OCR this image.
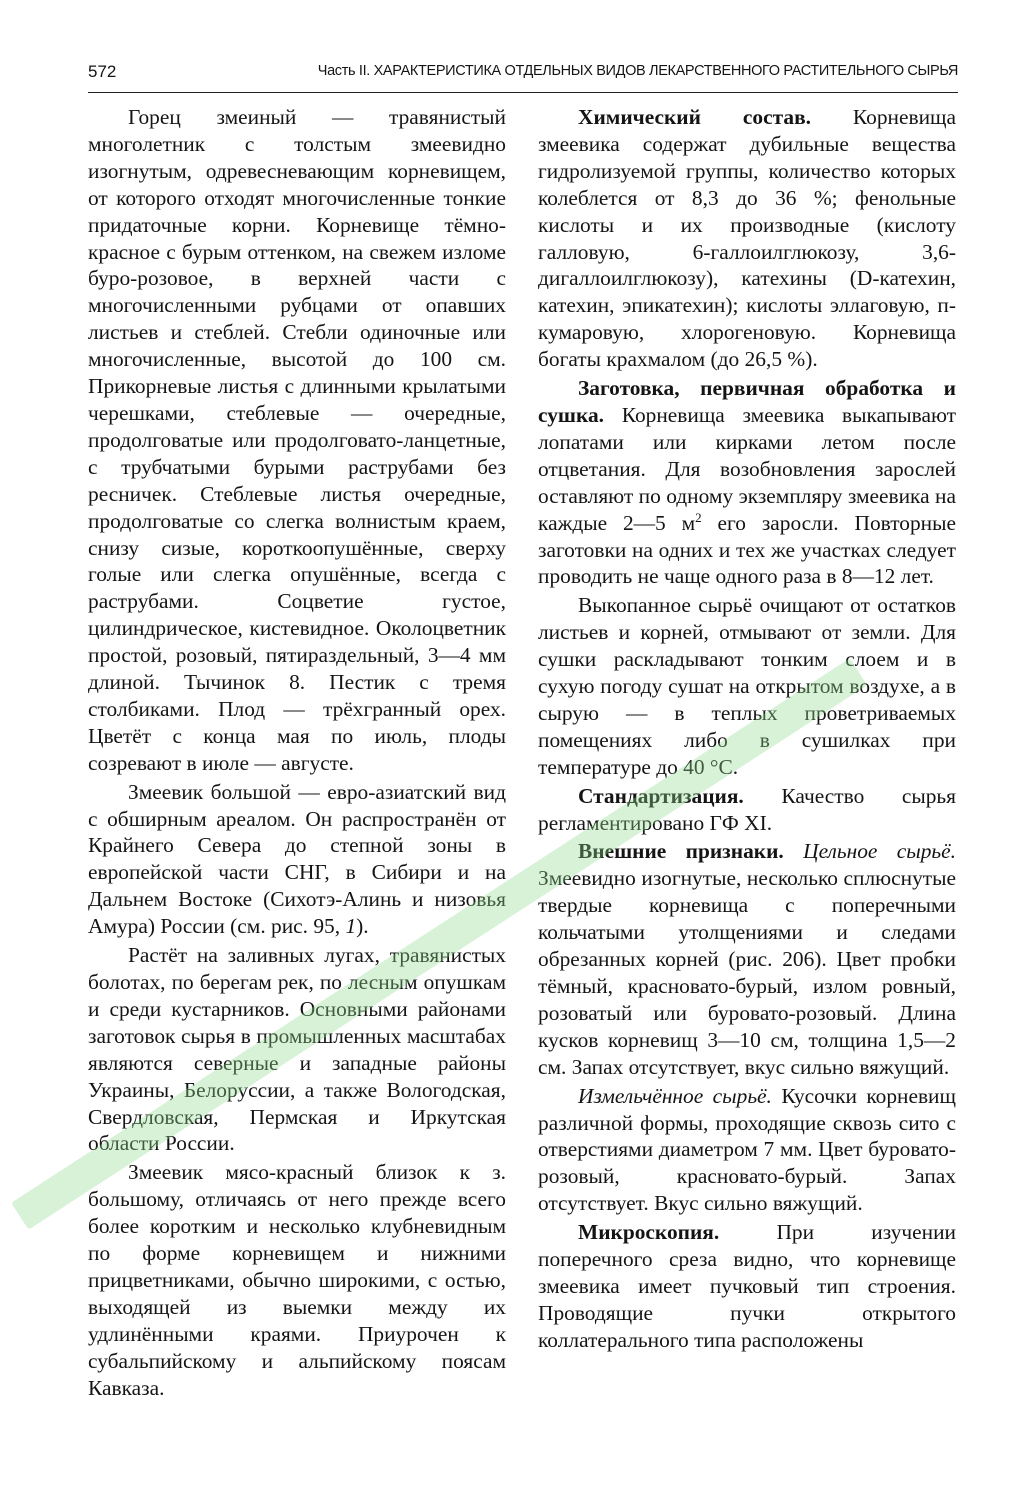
572	Часть II. ХАРАКТЕРИСТИКА ОТДЕЛЬНЫХ ВИДОВ ЛЕКАРСТВЕННОГО РАСТИТЕЛЬНОГО СЫРЬЯ

Горец змеиный — травянистый многолетник с толстым змеевидно изогнутым, одревесневающим корневищем, от которого отходят многочисленные тонкие придаточные корни. Корневище тёмно-красное с бурым оттенком, на свежем изломе буро-розовое, в верхней части с многочисленными рубцами от опавших листьев и стеблей. Стебли одиночные или многочисленные, высотой до 100 см. Прикорневые листья с длинными крылатыми черешками, стеблевые — очередные, продолговатые или продолговато-ланцетные, с трубчатыми бурыми раструбами без ресничек. Стеблевые листья очередные, продолговатые со слегка волнистым краем, снизу сизые, короткоопушённые, сверху голые или слегка опушённые, всегда с раструбами. Соцветие густое, цилиндрическое, кистевидное. Околоцветник простой, розовый, пятираздельный, 3—4 мм длиной. Тычинок 8. Пестик с тремя столбиками. Плод — трёхгранный орех. Цветёт с конца мая по июль, плоды созревают в июле — августе.

Змеевик большой — евро-азиатский вид с обширным ареалом. Он распространён от Крайнего Севера до степной зоны в европейской части СНГ, в Сибири и на Дальнем Востоке (Сихотэ-Алинь и низовья Амура) России (см. рис. 95, 1).

Растёт на заливных лугах, травянистых болотах, по берегам рек, по лесным опушкам и среди кустарников. Основными районами заготовок сырья в промышленных масштабах являются северные и западные районы Украины, Белоруссии, а также Вологодская, Свердловская, Пермская и Иркутская области России.

Змеевик мясо-красный близок к з. большому, отличаясь от него прежде всего более коротким и несколько клубневидным по форме корневищем и нижними прицветниками, обычно широкими, с остью, выходящей из выемки между их удлинёнными краями. Приурочен к субальпийскому и альпийскому поясам Кавказа.

Химический состав. Корневища змеевика содержат дубильные вещества гидролизуемой группы, количество которых колеблется от 8,3 до 36 %; фенольные кислоты и их производные (кислоту галловую, 6-галлоилглюкозу, 3,6-дигаллоилглюкозу), катехины (D-катехин, катехин, эпикатехин); кислоты эллаговую, п-кумаровую, хлорогеновую. Корневища богаты крахмалом (до 26,5 %).

Заготовка, первичная обработка и сушка. Корневища змеевика выкапывают лопатами или кирками летом после отцветания. Для возобновления зарослей оставляют по одному экземпляру змеевика на каждые 2—5 $м^2$ его заросли. Повторные заготовки на одних и тех же участках следует проводить не чаще одного раза в 8—12 лет.

Выкопанное сырьё очищают от остатков листьев и корней, отмывают от земли. Для сушки раскладывают тонким слоем и в сухую погоду сушат на открытом воздухе, а в сырую — в теплых проветриваемых помещениях либо в сушилках при температуре до 40 °С.

Стандартизация. Качество сырья регламентировано ГФ XI.

Внешние признаки. Цельное сырьё. Змеевидно изогнутые, несколько сплюснутые твердые корневища с поперечными кольчатыми утолщениями и следами обрезанных корней (рис. 206). Цвет пробки тёмный, красновато-бурый, излом ровный, розоватый или буровато-розовый. Длина кусков корневищ 3—10 см, толщина 1,5—2 см. Запах отсутствует, вкус сильно вяжущий.

Измельчённое сырьё. Кусочки корневищ различной формы, проходящие сквозь сито с отверстиями диаметром 7 мм. Цвет буровато-розовый, красновато-бурый. Запах отсутствует. Вкус сильно вяжущий.

Микроскопия. При изучении поперечного среза видно, что корневище змеевика имеет пучковый тип строения. Проводящие пучки открытого коллатерального типа расположены
